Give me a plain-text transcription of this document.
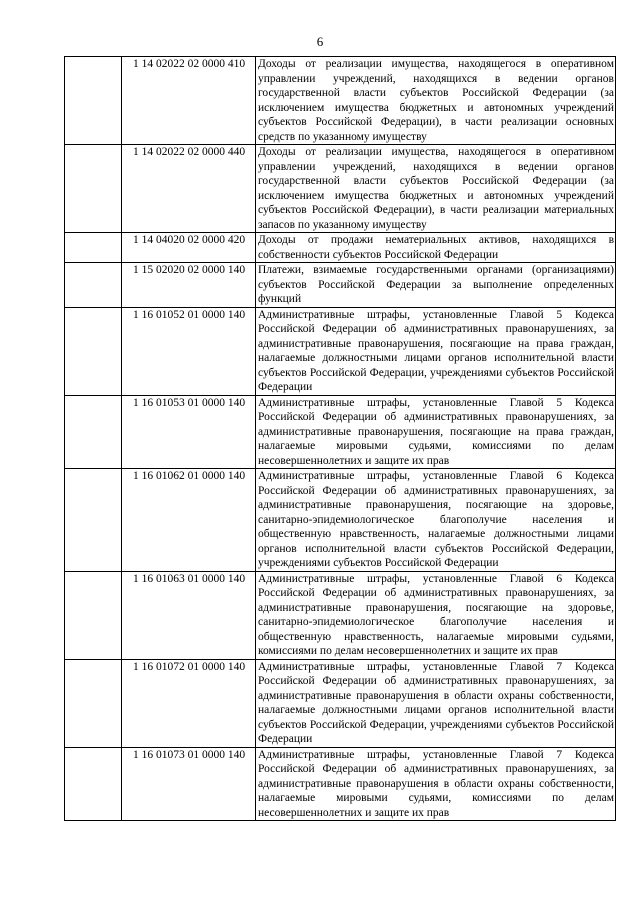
6
	1 14 02022 02 0000 410	Доходы от реализации имущества, находящегося в оперативном управлении учреждений, находящихся в ведении органов государственной власти субъектов Российской Федерации (за исключением имущества бюджетных и автономных учреждений субъектов Российской Федерации), в части реализации основных средств по указанному имуществу
	1 14 02022 02 0000 440	Доходы от реализации имущества, находящегося в оперативном управлении учреждений, находящихся в ведении органов государственной власти субъектов Российской Федерации (за исключением имущества бюджетных и автономных учреждений субъектов Российской Федерации), в части реализации материальных запасов по указанному имуществу
	1 14 04020 02 0000 420	Доходы от продажи нематериальных активов, находящихся в собственности субъектов Российской Федерации
	1 15 02020 02 0000 140	Платежи, взимаемые государственными органами (организациями) субъектов Российской Федерации за выполнение определенных функций
	1 16 01052 01 0000 140	Административные штрафы, установленные Главой 5 Кодекса Российской Федерации об административных правонарушениях, за административные правонарушения, посягающие на права граждан, налагаемые должностными лицами органов исполнительной власти субъектов Российской Федерации, учреждениями субъектов Российской Федерации
	1 16 01053 01 0000 140	Административные штрафы, установленные Главой 5 Кодекса Российской Федерации об административных правонарушениях, за административные правонарушения, посягающие на права граждан, налагаемые мировыми судьями, комиссиями по делам несовершеннолетних и защите их прав
	1 16 01062 01 0000 140	Административные штрафы, установленные Главой 6 Кодекса Российской Федерации об административных правонарушениях, за административные правонарушения, посягающие на здоровье, санитарно-эпидемиологическое благополучие населения и общественную нравственность, налагаемые должностными лицами органов исполнительной власти субъектов Российской Федерации, учреждениями субъектов Российской Федерации
	1 16 01063 01 0000 140	Административные штрафы, установленные Главой 6 Кодекса Российской Федерации об административных правонарушениях, за административные правонарушения, посягающие на здоровье, санитарно-эпидемиологическое благополучие населения и общественную нравственность, налагаемые мировыми судьями, комиссиями по делам несовершеннолетних и защите их прав
	1 16 01072 01 0000 140	Административные штрафы, установленные Главой 7 Кодекса Российской Федерации об административных правонарушениях, за административные правонарушения в области охраны собственности, налагаемые должностными лицами органов исполнительной власти субъектов Российской Федерации, учреждениями субъектов Российской Федерации
	1 16 01073 01 0000 140	Административные штрафы, установленные Главой 7 Кодекса Российской Федерации об административных правонарушениях, за административные правонарушения в области охраны собственности, налагаемые мировыми судьями, комиссиями по делам несовершеннолетних и защите их прав
